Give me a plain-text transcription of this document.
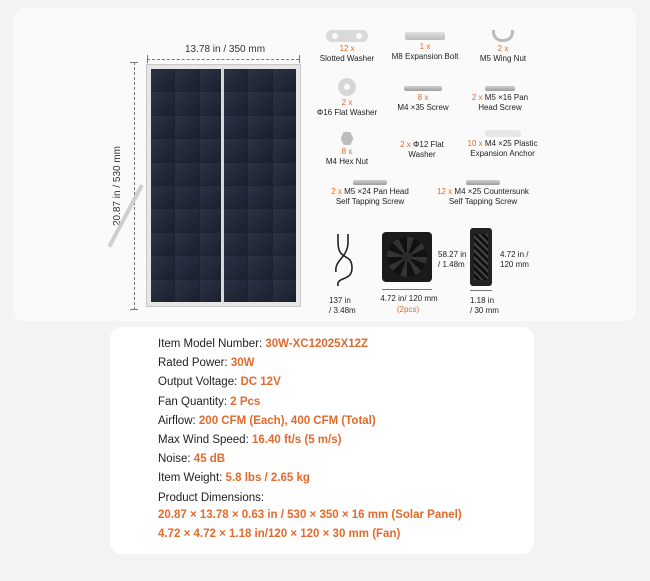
13.78 in / 350 mm
20.87 in / 530 mm
12 x
Slotted Washer
1 x
M8 Expansion Bolt
2 x
M5 Wing Nut
2 x
Φ16 Flat Washer
8 x
M4 ×35 Screw
2 x M5 ×16 Pan
Head Screw
8 x
M4 Hex Nut
2 x Φ12 Flat
Washer
10 x M4 ×25 Plastic
Expansion Anchor
2 x M5 ×24 Pan Head
Self Tapping Screw
12 x M4 ×25 Countersunk
Self Tapping Screw
137 in
/ 3.48m
58.27 in
/ 1.48m
4.72 in/ 120 mm
(2pcs)
4.72 in /
120 mm
1.18 in
/ 30 mm
Item Model Number: 30W-XC12025X12Z
Rated Power: 30W
Output Voltage: DC 12V
Fan Quantity: 2 Pcs
Airflow: 200 CFM (Each), 400 CFM (Total)
Max Wind Speed: 16.40 ft/s (5 m/s)
Noise: 45 dB
Item Weight: 5.8 lbs / 2.65 kg
Product Dimensions:
20.87 × 13.78 × 0.63 in / 530 × 350 × 16 mm (Solar Panel)
4.72 × 4.72 × 1.18 in/120 × 120 × 30 mm (Fan)
